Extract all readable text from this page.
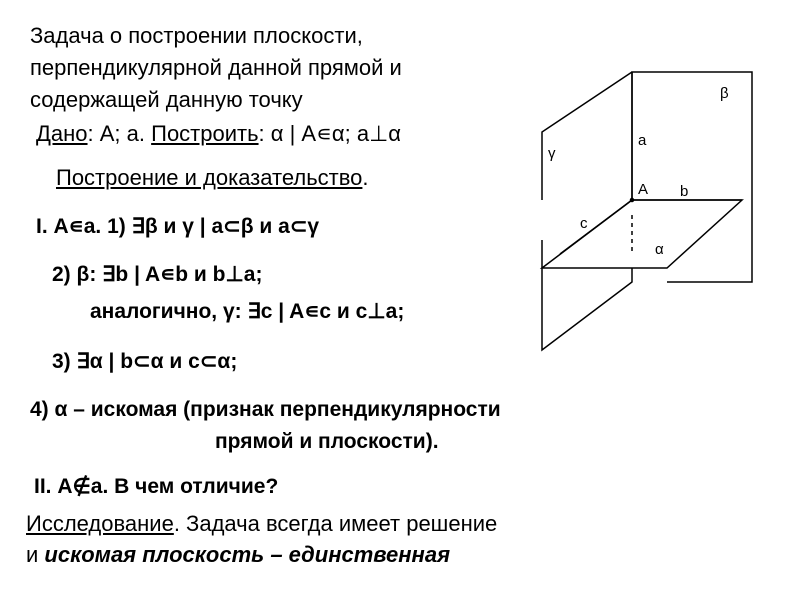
Задача о построении плоскости,
перпендикулярной данной прямой и
содержащей данную точку
Дано: А; а. Построить: α | А∊α; а⊥α
Построение и доказательство.
I. А∊а. 1) ∃β и γ | а⊂β и а⊂γ
2) β: ∃b | A∊b и b⊥a;
аналогично, γ: ∃c | A∊c и c⊥a;
3) ∃α | b⊂α и c⊂α;
4) α – искомая (признак перпендикулярности
прямой и плоскости).
II. А∉а. В чем отличие?
Исследование. Задача всегда имеет решение
и искомая плоскость – единственная
β
γ
a
A b
c
α
